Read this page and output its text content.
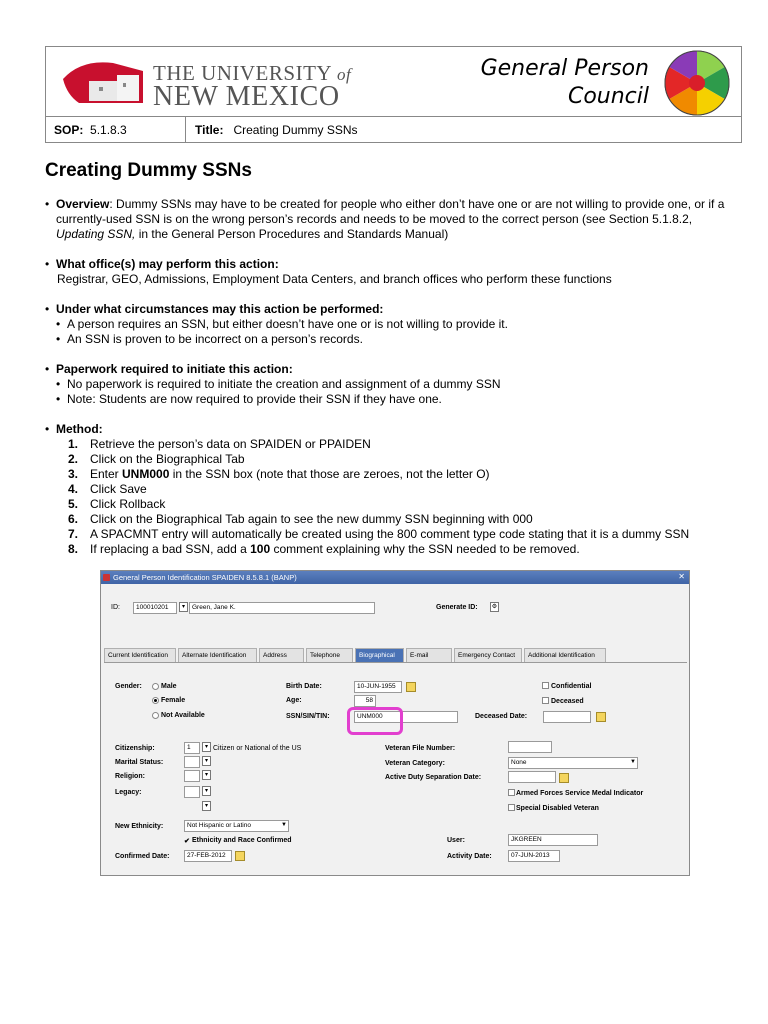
THE UNIVERSITY of
NEW MEXICO
General Person
Council
SOP: 5.1.8.3	Title: Creating Dummy SSNs
Creating Dummy SSNs
• Overview: Dummy SSNs may have to be created for people who either don’t have one or are not willing to provide one, or if a currently-used SSN is on the wrong person’s records and needs to be moved to the correct person (see Section 5.1.8.2, Updating SSN, in the General Person Procedures and Standards Manual)
• What office(s) may perform this action:
Registrar, GEO, Admissions, Employment Data Centers, and branch offices who perform these functions
• Under what circumstances may this action be performed:
• A person requires an SSN, but either doesn’t have one or is not willing to provide it.
• An SSN is proven to be incorrect on a person’s records.
• Paperwork required to initiate this action:
• No paperwork is required to initiate the creation and assignment of a dummy SSN
• Note: Students are now required to provide their SSN if they have one.
• Method:
1. Retrieve the person’s data on SPAIDEN or PPAIDEN
2. Click on the Biographical Tab
3. Enter UNM000 in the SSN box (note that those are zeroes, not the letter O)
4. Click Save
5. Click Rollback
6. Click on the Biographical Tab again to see the new dummy SSN beginning with 000
7. A SPACMNT entry will automatically be created using the 800 comment type code stating that it is a dummy SSN
8. If replacing a bad SSN, add a 100 comment explaining why the SSN needed to be removed.
General Person Identification SPAIDEN 8.5.8.1 (BANP)	✕
ID:	100010201	▾	Green, Jane K.	Generate ID: ⚙
Current Identification	Alternate Identification	Address	Telephone	Biographical	E-mail	Emergency Contact	Additional Identification
Gender:	Male
Female
Not Available
Birth Date:	10-JUN-1955
Age:	58
SSN/SIN/TIN:	UNM000	Deceased Date:
Confidential
Deceased
Citizenship:	1	▾ Citizen or National of the US
Marital Status:	▾
Religion:	▾
Legacy:	▾
▾
Veteran File Number:
Veteran Category:	None	▼
Active Duty Separation Date:
Armed Forces Service Medal Indicator
Special Disabled Veteran
New Ethnicity:	Not Hispanic or Latino	▼
✔ Ethnicity and Race Confirmed
Confirmed Date:	27-FEB-2012
User:	JKGREEN
Activity Date:	07-JUN-2013
